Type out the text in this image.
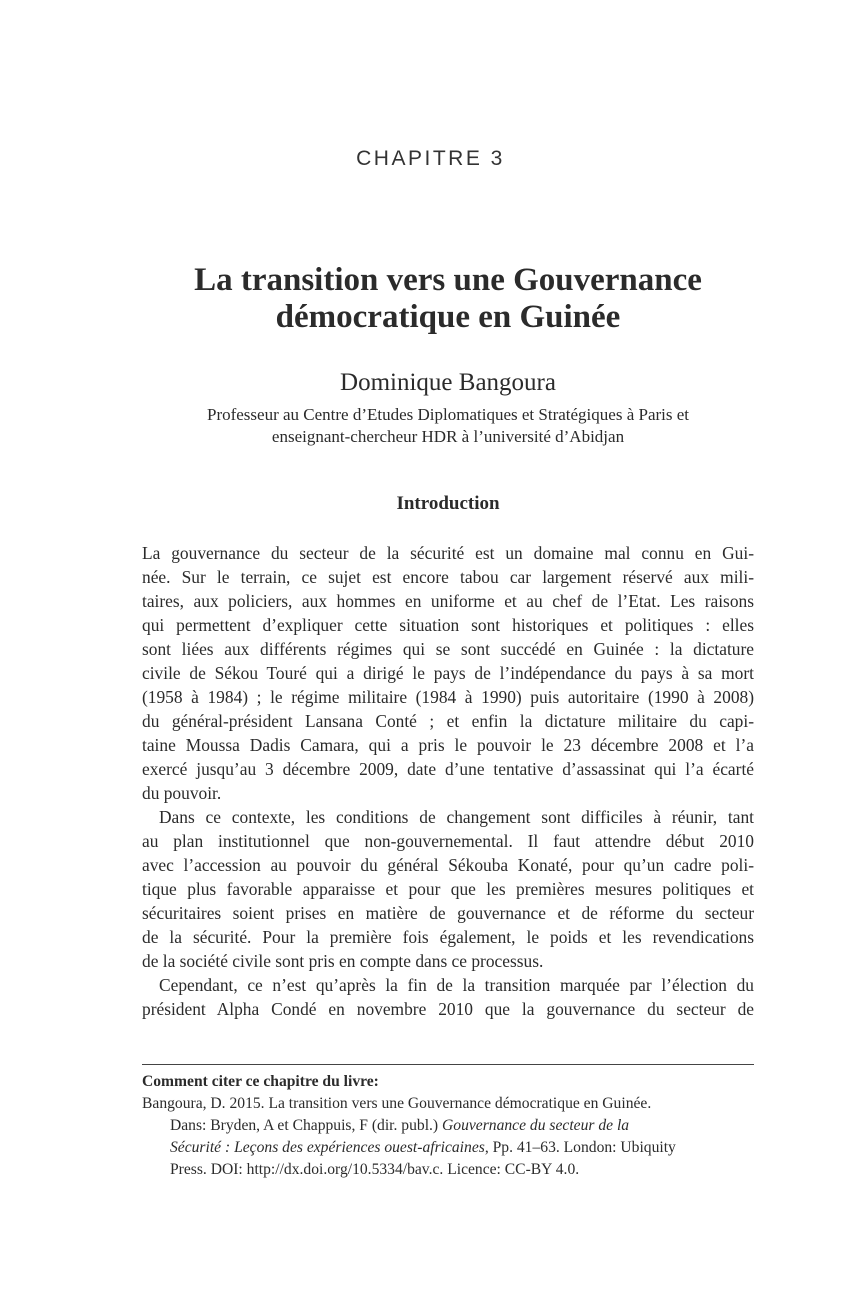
CHAPITRE 3
La transition vers une Gouvernance
démocratique en Guinée

Dominique Bangoura

Professeur au Centre d’Etudes Diplomatiques et Stratégiques à Paris et
enseignant-chercheur HDR à l’université d’Abidjan
Introduction
La gouvernance du secteur de la sécurité est un domaine mal connu en Gui-
née. Sur le terrain, ce sujet est encore tabou car largement réservé aux mili-
taires, aux policiers, aux hommes en uniforme et au chef de l’Etat. Les raisons
qui permettent d’expliquer cette situation sont historiques et politiques : elles
sont liées aux différents régimes qui se sont succédé en Guinée : la dictature
civile de Sékou Touré qui a dirigé le pays de l’indépendance du pays à sa mort
(1958 à 1984) ; le régime militaire (1984 à 1990) puis autoritaire (1990 à 2008)
du général-président Lansana Conté ; et enfin la dictature militaire du capi-
taine Moussa Dadis Camara, qui a pris le pouvoir le 23 décembre 2008 et l’a
exercé jusqu’au 3 décembre 2009, date d’une tentative d’assassinat qui l’a écarté
du pouvoir.
Dans ce contexte, les conditions de changement sont difficiles à réunir, tant
au plan institutionnel que non-gouvernemental. Il faut attendre début 2010
avec l’accession au pouvoir du général Sékouba Konaté, pour qu’un cadre poli-
tique plus favorable apparaisse et pour que les premières mesures politiques et
sécuritaires soient prises en matière de gouvernance et de réforme du secteur
de la sécurité. Pour la première fois également, le poids et les revendications
de la société civile sont pris en compte dans ce processus.
Cependant, ce n’est qu’après la fin de la transition marquée par l’élection du
président Alpha Condé en novembre 2010 que la gouvernance du secteur de
Comment citer ce chapitre du livre:
Bangoura, D. 2015. La transition vers une Gouvernance démocratique en Guinée.
Dans: Bryden, A et Chappuis, F (dir. publ.) Gouvernance du secteur de la
Sécurité : Leçons des expériences ouest-africaines, Pp. 41–63. London: Ubiquity
Press. DOI: http://dx.doi.org/10.5334/bav.c. Licence: CC-BY 4.0.
